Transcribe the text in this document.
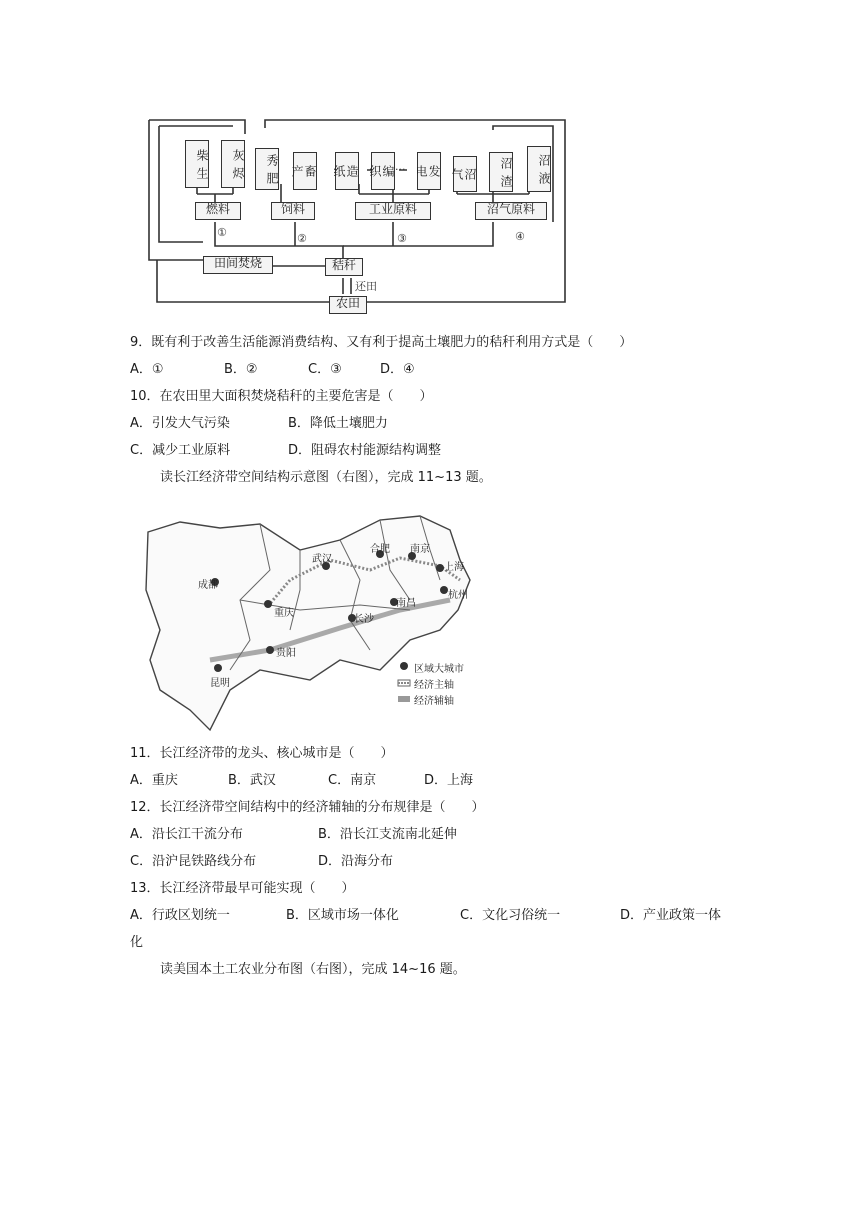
柴 生	灰 烬	秀 肥	畜 产	造 纸	编 织	...	发 电	沼 气	沼 渣	沼 液
燃料	饲料	工业原料	沼气原料
①	②	③	④
田间焚烧	秸秆
还田
农田
9．既有利于改善生活能源消费结构、又有利于提高土壤肥力的秸秆利用方式是（　　）
A．①	B．②	C．③	D．④
10．在农田里大面积焚烧秸秆的主要危害是（　　）
A．引发大气污染	B．降低土壤肥力
C．减少工业原料	D．阻碍农村能源结构调整
读长江经济带空间结构示意图（右图），完成 11~13 题。
成都
重庆
贵阳
昆明
武汉
长沙
合肥 南京
上海
杭州
南昌
区域大城市
经济主轴
经济辅轴
11．长江经济带的龙头、核心城市是（　　）
A．重庆	B．武汉	C．南京	D．上海
12．长江经济带空间结构中的经济辅轴的分布规律是（　　）
A．沿长江干流分布	B．沿长江支流南北延伸
C．沿沪昆铁路线分布	D．沿海分布
13．长江经济带最早可能实现（　　）
A．行政区划统一	B．区域市场一体化	C．文化习俗统一	D．产业政策一体
化
读美国本土工农业分布图（右图），完成 14~16 题。
